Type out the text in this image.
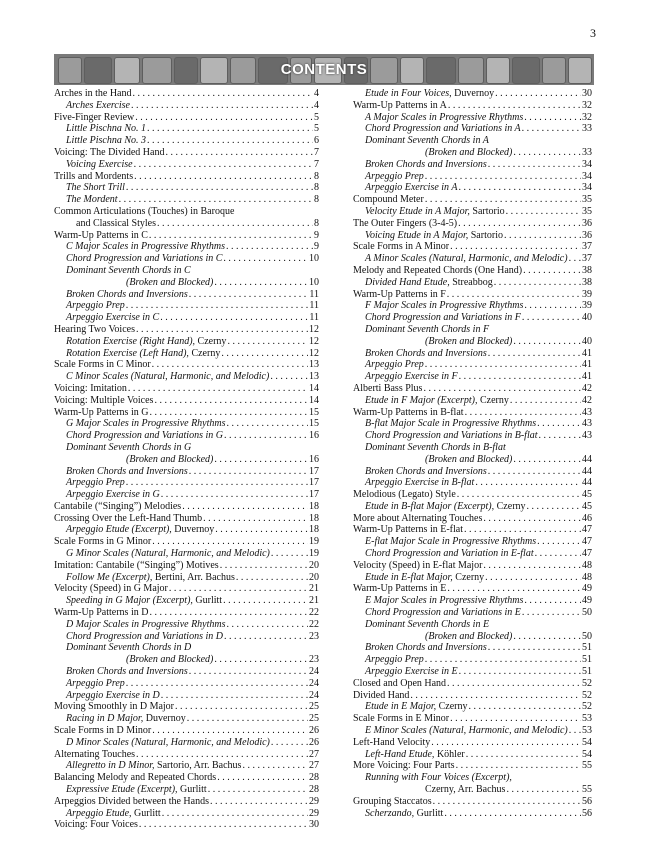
3
CONTENTS
Arches in the Hand . . .	4
Arches Exercise . . .	4
Five-Finger Review . . .	5
Little Pischna No. 1 . . .	5
Little Pischna No. 3 . . .	6
Voicing: The Divided Hand . . .	7
Voicing Exercise . . .	7
Trills and Mordents . . .	8
The Short Trill . . .	8
The Mordent . . .	8
Common Articulations (Touches) in Baroque
and Classical Styles . . .	8
Warm-Up Patterns in C . . .	9
C Major Scales in Progressive Rhythms . . .	9
Chord Progression and Variations in C . . .	10
Dominant Seventh Chords in C
(Broken and Blocked) . . .	10
Broken Chords and Inversions . . .	11
Arpeggio Prep . . .	11
Arpeggio Exercise in C . . .	11
Hearing Two Voices . . .	12
Rotation Exercise (Right Hand), Czerny . . .	12
Rotation Exercise (Left Hand), Czerny . . .	12
Scale Forms in C Minor . . .	13
C Minor Scales (Natural, Harmonic, and Melodic) . . .	13
Voicing: Imitation . . .	14
Voicing: Multiple Voices . . .	14
Warm-Up Patterns in G . . .	15
G Major Scales in Progressive Rhythms . . .	15
Chord Progression and Variations in G . . .	16
Dominant Seventh Chords in G
(Broken and Blocked) . . .	16
Broken Chords and Inversions . . .	17
Arpeggio Prep . . .	17
Arpeggio Exercise in G . . .	17
Cantabile (“Singing”) Melodies . . .	18
Crossing Over the Left-Hand Thumb . . .	18
Arpeggio Etude (Excerpt), Duvernoy . . .	18
Scale Forms in G Minor . . .	19
G Minor Scales (Natural, Harmonic, and Melodic) . . .	19
Imitation: Cantabile (“Singing”) Motives . . .	20
Follow Me (Excerpt), Bertini, Arr. Bachus . . .	20
Velocity (Speed) in G Major . . .	21
Speeding in G Major (Excerpt), Gurlitt . . .	21
Warm-Up Patterns in D . . .	22
D Major Scales in Progressive Rhythms . . .	22
Chord Progression and Variations in D . . .	23
Dominant Seventh Chords in D
(Broken and Blocked) . . .	23
Broken Chords and Inversions . . .	24
Arpeggio Prep . . .	24
Arpeggio Exercise in D . . .	24
Moving Smoothly in D Major . . .	25
Racing in D Major, Duvernoy . . .	25
Scale Forms in D Minor . . .	26
D Minor Scales (Natural, Harmonic, and Melodic) . . .	26
Alternating Touches . . .	27
Allegretto in D Minor, Sartorio, Arr. Bachus . . .	27
Balancing Melody and Repeated Chords . . .	28
Expressive Etude (Excerpt), Gurlitt . . .	28
Arpeggios Divided between the Hands . . .	29
Arpeggio Etude, Gurlitt . . .	29
Voicing: Four Voices . . .	30
Etude in Four Voices, Duvernoy . . .	30
Warm-Up Patterns in A . . .	32
A Major Scales in Progressive Rhythms . . .	32
Chord Progression and Variations in A . . .	33
Dominant Seventh Chords in A
(Broken and Blocked) . . .	33
Broken Chords and Inversions . . .	34
Arpeggio Prep . . .	34
Arpeggio Exercise in A . . .	34
Compound Meter . . .	35
Velocity Etude in A Major, Sartorio . . .	35
The Outer Fingers (3-4-5) . . .	36
Voicing Etude in A Major, Sartorio . . .	36
Scale Forms in A Minor . . .	37
A Minor Scales (Natural, Harmonic, and Melodic) . . . 37
Melody and Repeated Chords (One Hand) . . .	38
Divided Hand Etude, Streabbog . . .	38
Warm-Up Patterns in F . . .	39
F Major Scales in Progressive Rhythms . . .	39
Chord Progression and Variations in F . . .	40
Dominant Seventh Chords in F
(Broken and Blocked) . . .	40
Broken Chords and Inversions . . .	41
Arpeggio Prep . . .	41
Arpeggio Exercise in F . . .	41
Alberti Bass Plus . . .	42
Etude in F Major (Excerpt), Czerny . . .	42
Warm-Up Patterns in B-flat . . .	43
B-flat Major Scale in Progressive Rhythms . . .	43
Chord Progression and Variations in B-flat . . .	43
Dominant Seventh Chords in B-flat
(Broken and Blocked) . . .	44
Broken Chords and Inversions . . .	44
Arpeggio Exercise in B-flat . . .	44
Melodious (Legato) Style . . .	45
Etude in B-flat Major (Excerpt), Czerny . . .	45
More about Alternating Touches . . .	46
Warm-Up Patterns in E-flat . . .	47
E-flat Major Scale in Progressive Rhythms . . .	47
Chord Progression and Variation in E-flat . . .	47
Velocity (Speed) in E-flat Major . . .	48
Etude in E-flat Major, Czerny . . .	48
Warm-Up Patterns in E . . .	49
E Major Scales in Progressive Rhythms . . .	49
Chord Progression and Variations in E . . .	50
Dominant Seventh Chords in E
(Broken and Blocked) . . .	50
Broken Chords and Inversions . . .	51
Arpeggio Prep . . .	51
Arpeggio Exercise in E . . .	51
Closed and Open Hand . . .	52
Divided Hand . . .	52
Etude in E Major, Czerny . . .	52
Scale Forms in E Minor . . .	53
E Minor Scales (Natural, Harmonic, and Melodic) . . . 53
Left-Hand Velocity . . .	54
Left-Hand Etude, Köhler . . .	54
More Voicing: Four Parts . . .	55
Running with Four Voices (Excerpt),
Czerny, Arr. Bachus . . .	55
Grouping Staccatos . . .	56
Scherzando, Gurlitt . . .	56
